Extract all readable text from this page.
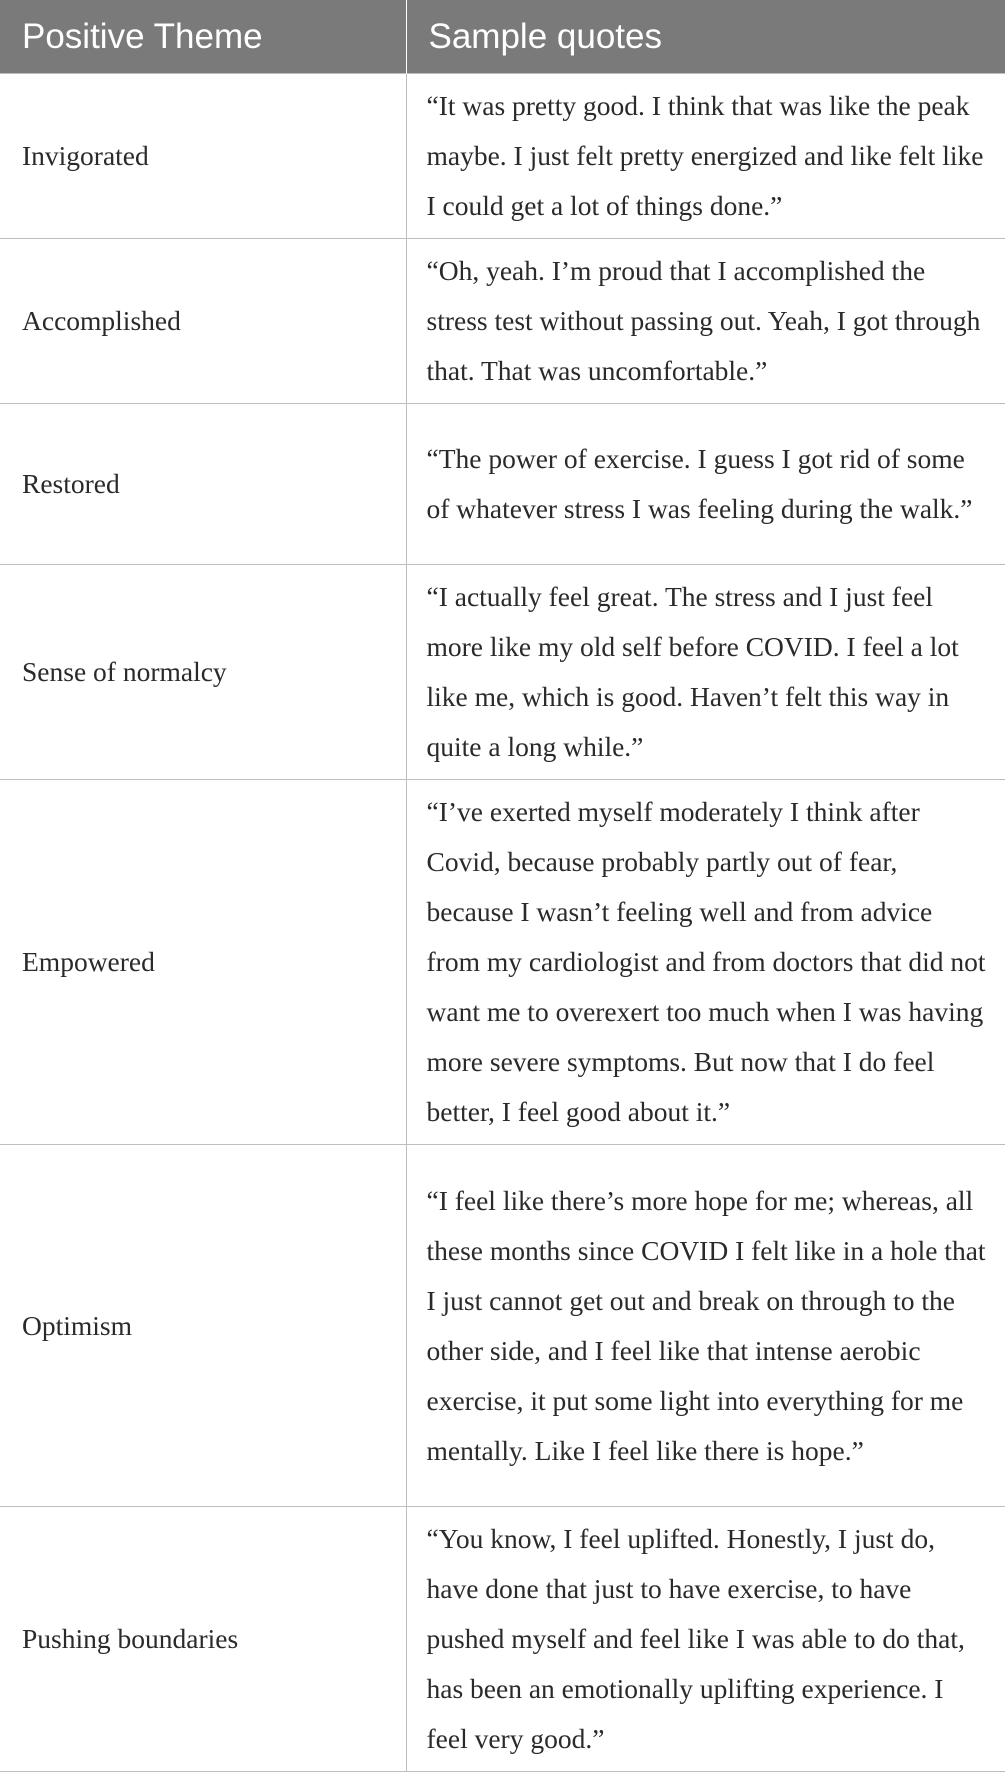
Positive Theme	Sample quotes
Invigorated	“It was pretty good. I think that was like the peak maybe. I just felt pretty energized and like felt like I could get a lot of things done.”
Accomplished	“Oh, yeah. I’m proud that I accomplished the stress test without passing out. Yeah, I got through that. That was uncomfortable.”
Restored	“The power of exercise. I guess I got rid of some of whatever stress I was feeling during the walk.”
Sense of normalcy	“I actually feel great. The stress and I just feel more like my old self before COVID. I feel a lot like me, which is good. Haven’t felt this way in quite a long while.”
Empowered	“I’ve exerted myself moderately I think after Covid, because probably partly out of fear, because I wasn’t feeling well and from advice from my cardiologist and from doctors that did not want me to overexert too much when I was having more severe symptoms. But now that I do feel better, I feel good about it.”
Optimism	“I feel like there’s more hope for me; whereas, all these months since COVID I felt like in a hole that I just cannot get out and break on through to the other side, and I feel like that intense aerobic exercise, it put some light into everything for me mentally. Like I feel like there is hope.”
Pushing boundaries	“You know, I feel uplifted. Honestly, I just do, have done that just to have exercise, to have pushed myself and feel like I was able to do that, has been an emotionally uplifting experience. I feel very good.”
